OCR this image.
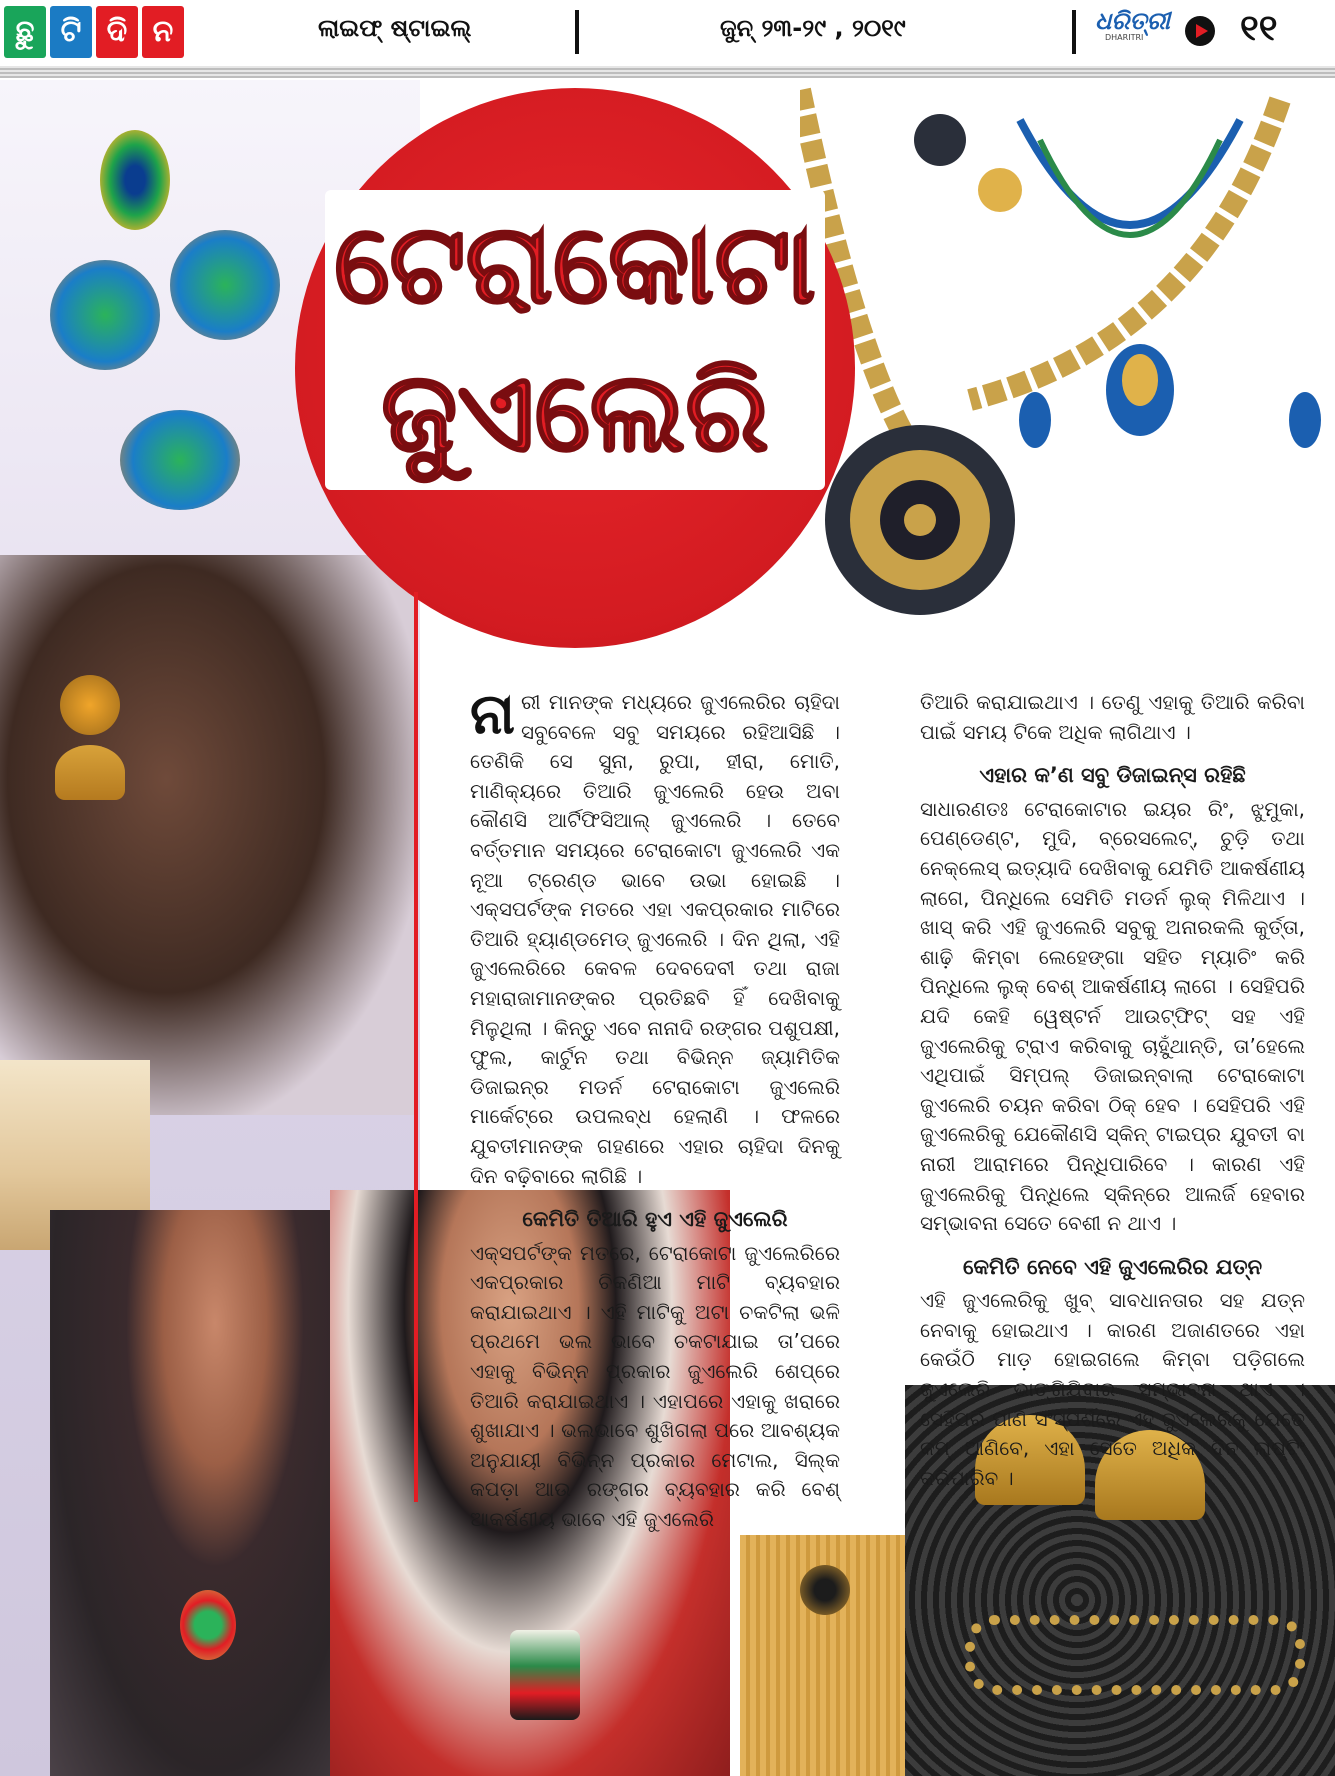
ଛୁ ଟି ଦି ନ	ଲାଇଫ୍ ଷ୍ଟାଇଲ୍	ଜୁନ୍ ୨୩-୨୯ , ୨୦୧୯	ଧରିତ୍ରୀ
DHARITRI	୧୧
ଟେରାକୋଟା
ଜୁଏଲେରି

ନାରୀ ମାନଙ୍କ ମଧ୍ୟରେ ଜୁଏଲେରିର ଚାହିଦା ସବୁବେଳେ ସବୁ ସମୟରେ ରହିଆସିଛି । ତେଣିକି ସେ ସୁନା, ରୁପା, ହୀରା, ମୋତି, ମାଣିକ୍ୟରେ ତିଆରି ଜୁଏଲେରି ହେଉ ଅବା କୌଣସି ଆର୍ଟିଫିସିଆଲ୍ ଜୁଏଲେରି । ତେବେ ବର୍ତ୍ତମାନ ସମୟରେ ଟେରାକୋଟା ଜୁଏଲେରି ଏକ ନୂଆ ଟ୍ରେଣ୍ଡ ଭାବେ ଉଭା ହୋଇଛି । ଏକ୍ସପର୍ଟଙ୍କ ମତରେ ଏହା ଏକପ୍ରକାର ମାଟିରେ ତିଆରି ହ୍ୟାଣ୍ଡମେଡ୍ ଜୁଏଲେରି । ଦିନ ଥିଲା, ଏହି ଜୁଏଲେରିରେ କେବଳ ଦେବଦେବୀ ତଥା ରାଜା ମହାରାଜାମାନଙ୍କର ପ୍ରତିଛବି ହିଁ ଦେଖିବାକୁ ମିଳୁଥିଲା । କିନ୍ତୁ ଏବେ ନାନାଦି ରଙ୍ଗର ପଶୁପକ୍ଷୀ, ଫୁଲ, କାର୍ଟୁନ ତଥା ବିଭିନ୍ନ ଜ୍ୟାମିତିକ ଡିଜାଇନ୍‌ର ମଡର୍ନ ଟେରାକୋଟା ଜୁଏଲେରି ମାର୍କେଟ୍‌ରେ ଉପଲବ୍ଧ ହେଲାଣି । ଫଳରେ ଯୁବତୀମାନଙ୍କ ଗହଣରେ ଏହାର ଚାହିଦା ଦିନକୁ ଦିନ ବଢ଼ିବାରେ ଲାଗିଛି ।

କେମିତି ତିଆରି ହୁଏ ଏହି ଜୁଏଲେରି

ଏକ୍ସପର୍ଟଙ୍କ ମତରେ, ଟେରାକୋଟା ଜୁଏଲେରିରେ ଏକପ୍ରକାର ଚିକଣିଆ ମାଟି ବ୍ୟବହାର କରାଯାଇଥାଏ । ଏହି ମାଟିକୁ ଅଟା ଚକଟିଲା ଭଳି ପ୍ରଥମେ ଭଲ ଭାବେ ଚକଟାଯାଇ ତା’ପରେ ଏହାକୁ ବିଭିନ୍ନ ପ୍ରକାର ଜୁଏଲେରି ଶେପ୍‌ରେ ତିଆରି କରାଯାଇଥାଏ । ଏହାପରେ ଏହାକୁ ଖରାରେ ଶୁଖାଯାଏ । ଭଲଭାବେ ଶୁଖିଗଲା ପରେ ଆବଶ୍ୟକ ଅନୁଯାୟୀ ବିଭିନ୍ନ ପ୍ରକାର ମେଟାଲ, ସିଲ୍କ କପଡ଼ା ଆଉ ରଙ୍ଗର ବ୍ୟବହାର କରି ବେଶ୍ ଆକର୍ଷଣୀୟ ଭାବେ ଏହି ଜୁଏଲେରି

ତିଆରି କରାଯାଇଥାଏ । ତେଣୁ ଏହାକୁ ତିଆରି କରିବା ପାଇଁ ସମୟ ଟିକେ ଅଧିକ ଲାଗିଥାଏ ।

ଏହାର କ’ଣ ସବୁ ଡିଜାଇନ୍ସ ରହିଛି

ସାଧାରଣତଃ ଟେରାକୋଟାର ଇୟର ରିଂ, ଝୁମୁକା, ପେଣ୍ଡେଣ୍ଟ, ମୁଦି, ବ୍ରେସଲେଟ୍, ଚୁଡ଼ି ତଥା ନେକ୍‌ଲେସ୍ ଇତ୍ୟାଦି ଦେଖିବାକୁ ଯେମିତି ଆକର୍ଷଣୀୟ ଲାଗେ, ପିନ୍ଧିଲେ ସେମିତି ମଡର୍ନ ଲୁକ୍ ମିଳିଥାଏ । ଖାସ୍ କରି ଏହି ଜୁଏଲେରି ସବୁକୁ ଅନାରକଲି କୁର୍ତ୍ତା, ଶାଢ଼ି କିମ୍ବା ଲେହେଙ୍ଗା ସହିତ ମ୍ୟାଚିଂ କରି ପିନ୍ଧିଲେ ଲୁକ୍ ବେଶ୍ ଆକର୍ଷଣୀୟ ଲାଗେ । ସେହିପରି ଯଦି କେହି ୱେଷ୍ଟର୍ନ ଆଉଟ୍‌ଫିଟ୍ ସହ ଏହି ଜୁଏଲେରିକୁ ଟ୍ରାଏ କରିବାକୁ ଚାହୁଁଥାନ୍ତି, ତା’ହେଲେ ଏଥିପାଇଁ ସିମ୍ପଲ୍ ଡିଜାଇନ୍‌ବାଲା ଟେରାକୋଟା ଜୁଏଲେରି ଚୟନ କରିବା ଠିକ୍ ହେବ । ସେହିପରି ଏହି ଜୁଏଲେରିକୁ ଯେକୌଣସି ସ୍କିନ୍ ଟାଇପ୍‌ର ଯୁବତୀ ବା ନାରୀ ଆରାମରେ ପିନ୍ଧିପାରିବେ । କାରଣ ଏହି ଜୁଏଲେରିକୁ ପିନ୍ଧିଲେ ସ୍କିନ୍‌ରେ ଆଲର୍ଜି ହେବାର ସମ୍ଭାବନା ସେତେ ବେଶୀ ନ ଥାଏ ।

କେମିତି ନେବେ ଏହି ଜୁଏଲେରିର ଯତ୍ନ

ଏହି ଜୁଏଲେରିକୁ ଖୁବ୍ ସାବଧାନତାର ସହ ଯତ୍ନ ନେବାକୁ ହୋଇଥାଏ । କାରଣ ଅଜାଣତରେ ଏହା କେଉଁଠି ମାଡ଼ ହୋଇଗଲେ କିମ୍ବା ପଡ଼ିଗଲେ ଜୁଏଲେରି ଭାଙ୍ଗିଯିବାର ସମ୍ଭାବନା ଥାଏ । ସେହିପରି ପାଣି ସଂସ୍ପର୍ଶରେ ଏହି ଜୁଏଲେରିକୁ ଯେତେ କମ୍ ଆଣିବେ, ଏହା ସେତେ ଅଧିକ ଦିନ ଲାଷ୍ଟିଂ କରିପାରିବ ।
